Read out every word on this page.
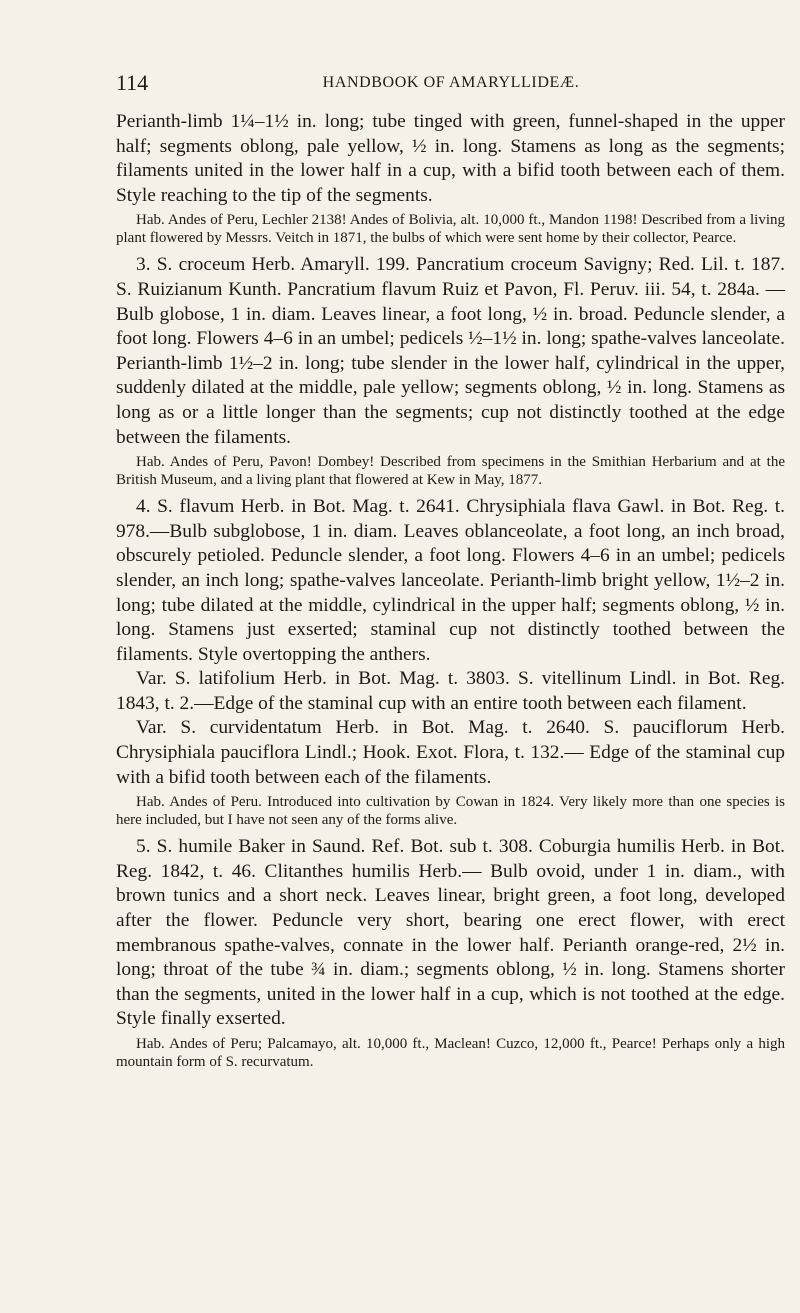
114	HANDBOOK OF AMARYLLIDEÆ.

Perianth-limb 1¼–1½ in. long; tube tinged with green, funnel-shaped in the upper half; segments oblong, pale yellow, ½ in. long. Stamens as long as the segments; filaments united in the lower half in a cup, with a bifid tooth between each of them. Style reaching to the tip of the segments.

Hab. Andes of Peru, Lechler 2138! Andes of Bolivia, alt. 10,000 ft., Mandon 1198! Described from a living plant flowered by Messrs. Veitch in 1871, the bulbs of which were sent home by their collector, Pearce.

3. S. croceum Herb. Amaryll. 199. Pancratium croceum Savigny; Red. Lil. t. 187. S. Ruizianum Kunth. Pancratium flavum Ruiz et Pavon, Fl. Peruv. iii. 54, t. 284a. — Bulb globose, 1 in. diam. Leaves linear, a foot long, ½ in. broad. Peduncle slender, a foot long. Flowers 4–6 in an umbel; pedicels ½–1½ in. long; spathe-valves lanceolate. Perianth-limb 1½–2 in. long; tube slender in the lower half, cylindrical in the upper, suddenly dilated at the middle, pale yellow; segments oblong, ½ in. long. Stamens as long as or a little longer than the segments; cup not distinctly toothed at the edge between the filaments.

Hab. Andes of Peru, Pavon! Dombey! Described from specimens in the Smithian Herbarium and at the British Museum, and a living plant that flowered at Kew in May, 1877.

4. S. flavum Herb. in Bot. Mag. t. 2641. Chrysiphiala flava Gawl. in Bot. Reg. t. 978.—Bulb subglobose, 1 in. diam. Leaves oblanceolate, a foot long, an inch broad, obscurely petioled. Peduncle slender, a foot long. Flowers 4–6 in an umbel; pedicels slender, an inch long; spathe-valves lanceolate. Perianth-limb bright yellow, 1½–2 in. long; tube dilated at the middle, cylindrical in the upper half; segments oblong, ½ in. long. Stamens just exserted; staminal cup not distinctly toothed between the filaments. Style overtopping the anthers.

Var. S. latifolium Herb. in Bot. Mag. t. 3803. S. vitellinum Lindl. in Bot. Reg. 1843, t. 2.—Edge of the staminal cup with an entire tooth between each filament.

Var. S. curvidentatum Herb. in Bot. Mag. t. 2640. S. pauciflorum Herb. Chrysiphiala pauciflora Lindl.; Hook. Exot. Flora, t. 132.— Edge of the staminal cup with a bifid tooth between each of the filaments.

Hab. Andes of Peru. Introduced into cultivation by Cowan in 1824. Very likely more than one species is here included, but I have not seen any of the forms alive.

5. S. humile Baker in Saund. Ref. Bot. sub t. 308. Coburgia humilis Herb. in Bot. Reg. 1842, t. 46. Clitanthes humilis Herb.— Bulb ovoid, under 1 in. diam., with brown tunics and a short neck. Leaves linear, bright green, a foot long, developed after the flower. Peduncle very short, bearing one erect flower, with erect membranous spathe-valves, connate in the lower half. Perianth orange-red, 2½ in. long; throat of the tube ¾ in. diam.; segments oblong, ½ in. long. Stamens shorter than the segments, united in the lower half in a cup, which is not toothed at the edge. Style finally exserted.

Hab. Andes of Peru; Palcamayo, alt. 10,000 ft., Maclean! Cuzco, 12,000 ft., Pearce! Perhaps only a high mountain form of S. recurvatum.
